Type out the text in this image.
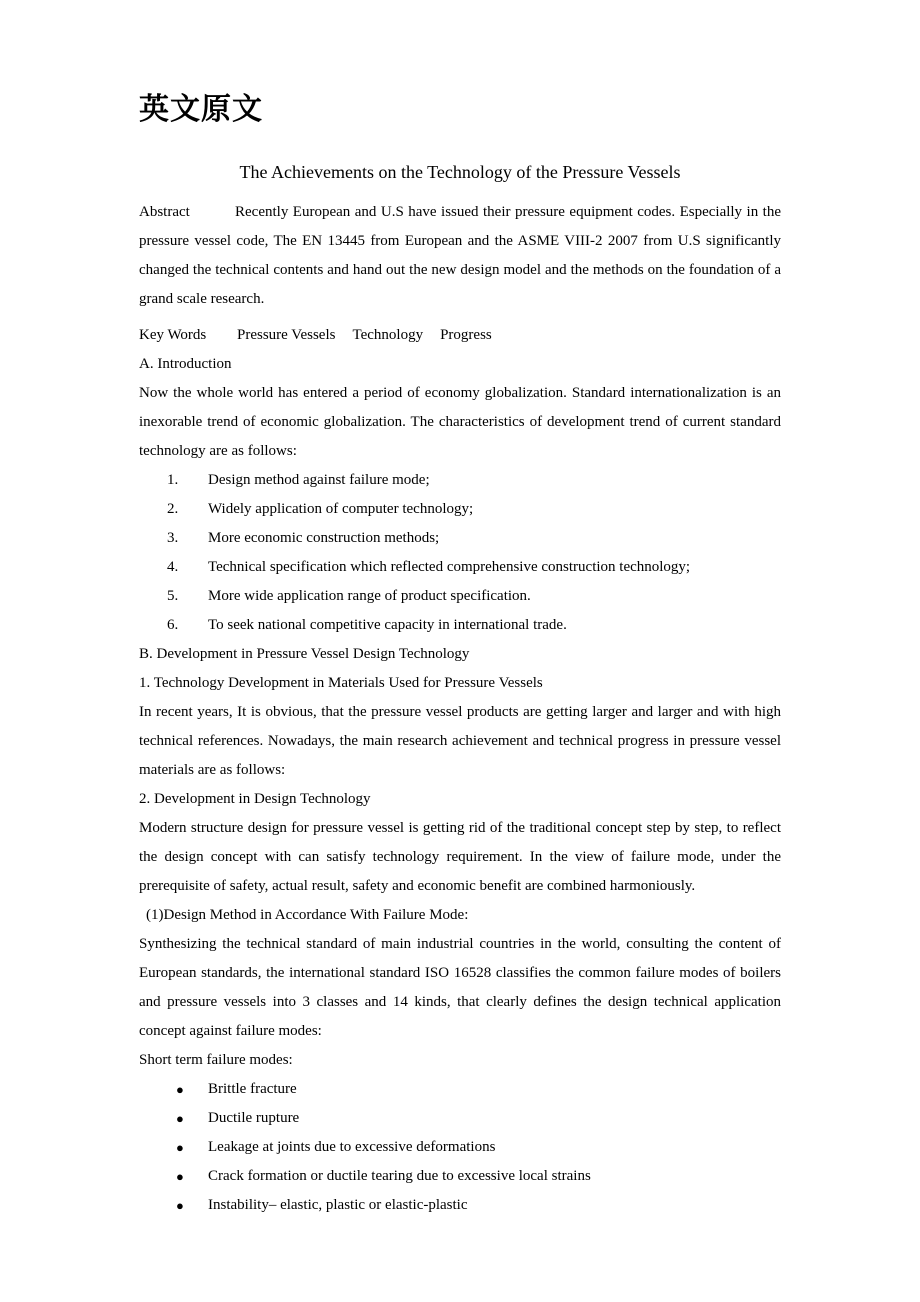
英文原文

The Achievements on the Technology of the Pressure Vessels

Abstract	Recently European and U.S have issued their pressure equipment codes. Especially in the pressure vessel code, The EN 13445 from European and the ASME VIII-2 2007 from U.S significantly changed the technical contents and hand out the new design model and the methods on the foundation of a grand scale research.

Key Words Pressure Vessels Technology Progress

A. Introduction

Now the whole world has entered a period of economy globalization. Standard internationalization is an inexorable trend of economic globalization. The characteristics of development trend of current standard technology are as follows:

1.	Design method against failure mode;
2.	Widely application of computer technology;
3.	More economic construction methods;
4.	Technical specification which reflected comprehensive construction technology;
5.	More wide application range of product specification.
6.	To seek national competitive capacity in international trade.

B. Development in Pressure Vessel Design Technology

1. Technology Development in Materials Used for Pressure Vessels

In recent years, It is obvious, that the pressure vessel products are getting larger and larger and with high technical references. Nowadays, the main research achievement and technical progress in pressure vessel materials are as follows:

2. Development in Design Technology

Modern structure design for pressure vessel is getting rid of the traditional concept step by step, to reflect the design concept with can satisfy technology requirement. In the view of failure mode, under the prerequisite of safety, actual result, safety and economic benefit are combined harmoniously.

(1)Design Method in Accordance With Failure Mode:

Synthesizing the technical standard of main industrial countries in the world, consulting the content of European standards, the international standard ISO 16528 classifies the common failure modes of boilers and pressure vessels into 3 classes and 14 kinds, that clearly defines the design technical application concept against failure modes:

Short term failure modes:

●	Brittle fracture
●	Ductile rupture
●	Leakage at joints due to excessive deformations
●	Crack formation or ductile tearing due to excessive local strains
●	Instability– elastic, plastic or elastic-plastic
